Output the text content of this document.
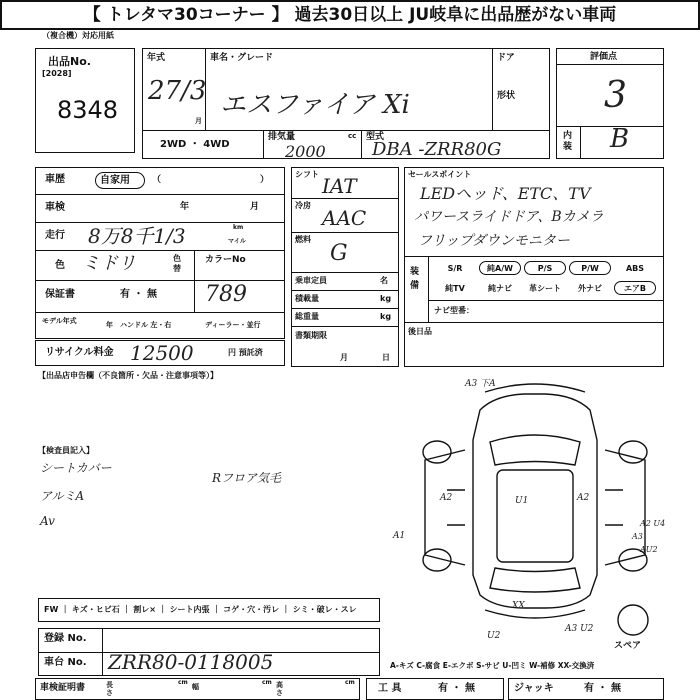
【 トレタマ30コーナー 】 過去30日以上 JU岐阜に出品歴がない車両
（複合機）対応用紙
出品No.
[2028]
8348
年式
27/3
月
車名・グレード
エスファイア Xi
ドア
形状
2WD ・ 4WD
排気量	cc
2000
型式
DBA -ZRR80G
評価点
3
内装 B
車歴	自家用 （	）
車検	年	月
走行 8万8千1/3	km
マイル
色 ミドリ	色替
カラーNo
789
保証書	有 ・ 無
モデル年式	年 ハンドル 左・右	ディーラー・並行
リサイクル料金 12500	円 預託済
シフト IAT
冷房
AAC
燃料
G
乗車定員	名
積載量	kg
総重量	kg
書類期限
月	日
セールスポイント
LEDヘッド、ETC、TV
パワースライドドア、Bカメラ
フリップダウンモニター
装備
S/R	純A/W	P/S	P/W	ABS
純TV	純ナビ	革シート	外ナビ	エアB
ナビ型番：
後日品
【出品店申告欄（不良箇所・欠品・注意事項等）】
【検査員記入】
シートカバー
アルミA
Av
Rフロア気毛
A3 下A
A1
U1
A2	A2
A2 U4
A3
AU2
XX
U2
A3 U2
スペア
FW ｜ キズ・ヒビ石 ｜ 割レ× ｜ シート内張 ｜ コゲ・穴・汚レ ｜ シミ・破レ・スレ
登録 No.
車台 No. ZRR80-0118005	A-キズ C-腐食 E-エクボ S-サビ U-凹ミ W-補修 XX-交換済
車検証明書	長さ
cm
幅
cm 高さ
cm
工 具	有 ・ 無	ジャッキ	有 ・ 無
